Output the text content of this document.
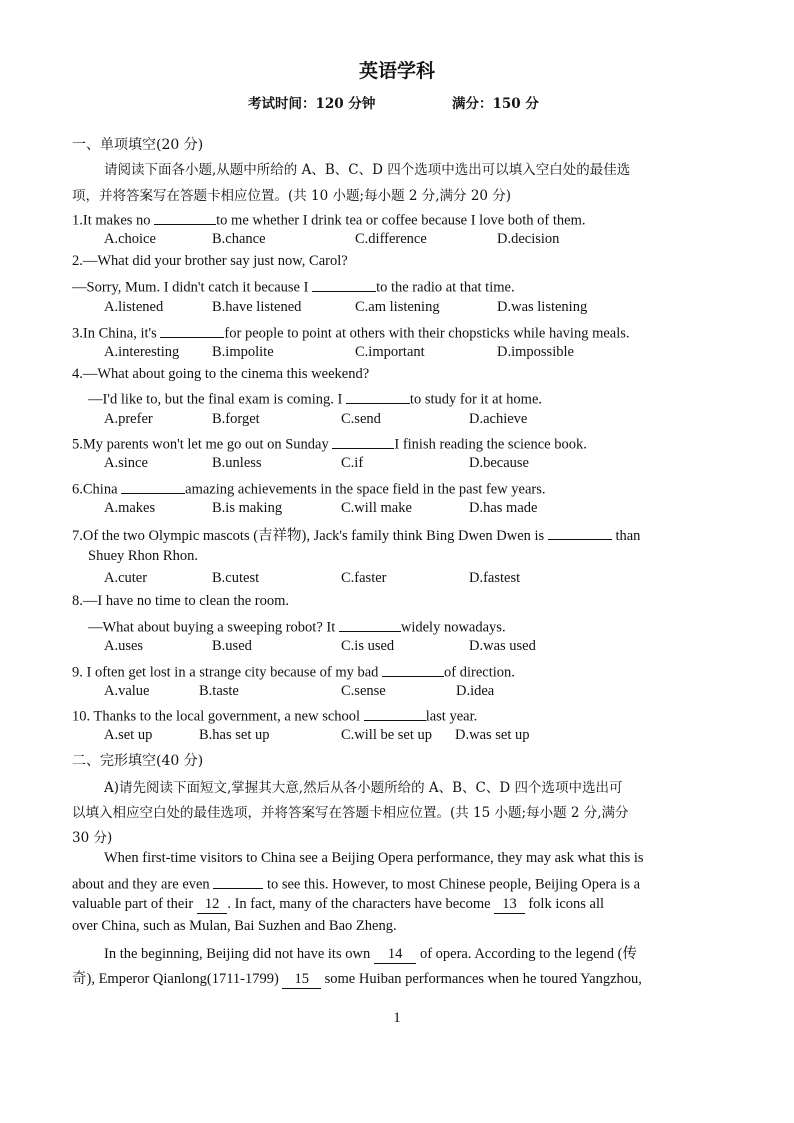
英语学科
考试时间：120 分钟	满分：150 分
一、单项填空(20 分)
请阅读下面各小题,从题中所给的 A、B、C、D 四个选项中选出可以填入空白处的最佳选
项，并将答案写在答题卡相应位置。(共 10 小题;每小题 2 分,满分 20 分)
1.It makes no	to me whether I drink tea or coffee because I love both of them.
A.choice	B.chance	C.difference	D.decision
2.—What did your brother say just now, Carol?
—Sorry, Mum. I didn't catch it because I	to the radio at that time.
A.listened	B.have listened	C.am listening	D.was listening
3.In China, it's	for people to point at others with their chopsticks while having meals.
A.interesting B.impolite	C.important	D.impossible
4.—What about going to the cinema this weekend?
—I'd like to, but the final exam is coming. I	to study for it at home.
A.prefer	B.forget	C.send	D.achieve
5.My parents won't let me go out on Sunday	I finish reading the science book.
A.since	B.unless	C.if	D.because
6.China	amazing achievements in the space field in the past few years.
A.makes	B.is making	C.will make	D.has made
7.Of the two Olympic mascots (吉祥物), Jack's family think Bing Dwen Dwen is	than
Shuey Rhon Rhon.
A.cuter	B.cutest	C.faster	D.fastest
8.—I have no time to clean the room.
—What about buying a sweeping robot? It	widely nowadays.
A.uses	B.used	C.is used	D.was used
9. I often get lost in a strange city because of my bad	of direction.
A.value	B.taste	C.sense	D.idea
10. Thanks to the local government, a new school	last year.
A.set up	B.has set up	C.will be set up D.was set up
二、完形填空(40 分)
A)请先阅读下面短文,掌握其大意,然后从各小题所给的 A、B、C、D 四个选项中选出可
以填入相应空白处的最佳选项，并将答案写在答题卡相应位置。(共 15 小题;每小题 2 分,满分
30 分)
When first-time visitors to China see a Beijing Opera performance, they may ask what this is
about and they are even	to see this. However, to most Chinese people, Beijing Opera is a
valuable part of their 12 . In fact, many of the characters have become 13 folk icons all
over China, such as Mulan, Bai Suzhen and Bao Zheng.
In the beginning, Beijing did not have its own 14 of opera. According to the legend (传
奇), Emperor Qianlong(1711-1799) 15 some Huiban performances when he toured Yangzhou,
1
